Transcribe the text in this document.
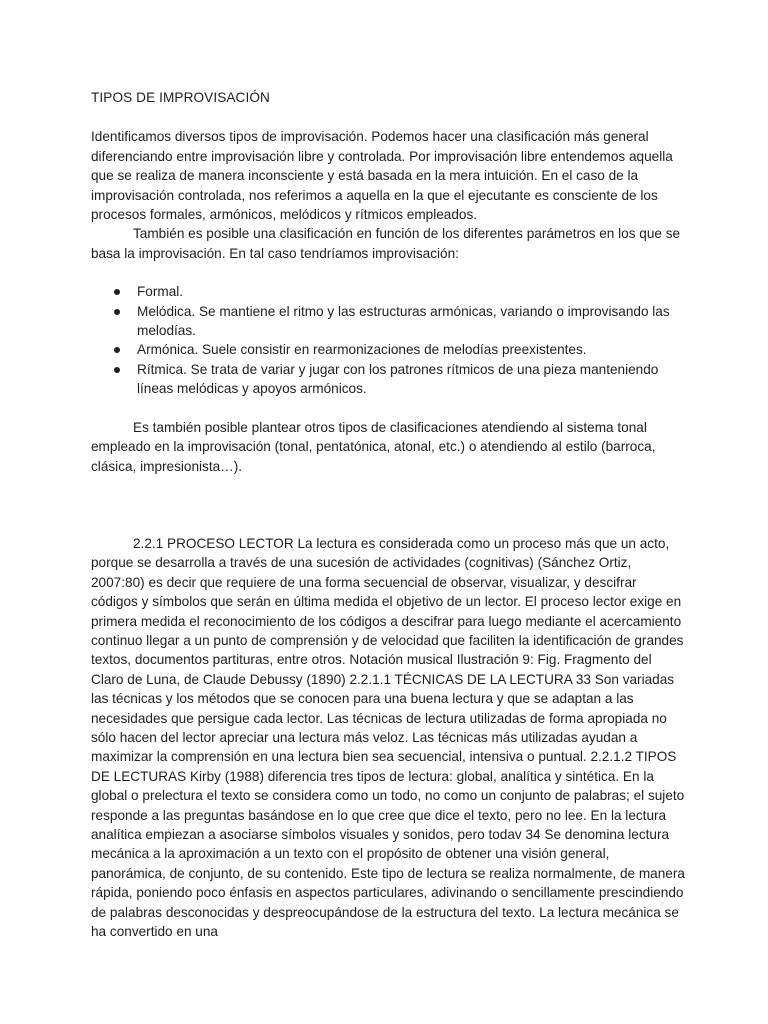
TIPOS DE IMPROVISACIÓN

Identificamos diversos tipos de improvisación. Podemos hacer una clasificación más general diferenciando entre improvisación libre y controlada. Por improvisación libre entendemos aquella que se realiza de manera inconsciente y está basada en la mera intuición. En el caso de la improvisación controlada, nos referimos a aquella en la que el ejecutante es consciente de los procesos formales, armónicos, melódicos y rítmicos empleados.

También es posible una clasificación en función de los diferentes parámetros en los que se basa la improvisación. En tal caso tendríamos improvisación:

Formal.
Melódica. Se mantiene el ritmo y las estructuras armónicas, variando o improvisando las melodías.
Armónica. Suele consistir en rearmonizaciones de melodías preexistentes.
Rítmica. Se trata de variar y jugar con los patrones rítmicos de una pieza manteniendo líneas melódicas y apoyos armónicos.

Es también posible plantear otros tipos de clasificaciones atendiendo al sistema tonal empleado en la improvisación (tonal, pentatónica, atonal, etc.) o atendiendo al estilo (barroca, clásica, impresionista…).

2.2.1 PROCESO LECTOR La lectura es considerada como un proceso más que un acto, porque se desarrolla a través de una sucesión de actividades (cognitivas) (Sánchez Ortiz, 2007:80) es decir que requiere de una forma secuencial de observar, visualizar, y descifrar códigos y símbolos que serán en última medida el objetivo de un lector. El proceso lector exige en primera medida el reconocimiento de los códigos a descifrar para luego mediante el acercamiento continuo llegar a un punto de comprensión y de velocidad que faciliten la identificación de grandes textos, documentos partituras, entre otros. Notación musical Ilustración 9: Fig. Fragmento del Claro de Luna, de Claude Debussy (1890) 2.2.1.1 TÉCNICAS DE LA LECTURA 33 Son variadas las técnicas y los métodos que se conocen para una buena lectura y que se adaptan a las necesidades que persigue cada lector. Las técnicas de lectura utilizadas de forma apropiada no sólo hacen del lector apreciar una lectura más veloz. Las técnicas más utilizadas ayudan a maximizar la comprensión en una lectura bien sea secuencial, intensiva o puntual. 2.2.1.2 TIPOS DE LECTURAS Kirby (1988) diferencia tres tipos de lectura: global, analítica y sintética. En la global o prelectura el texto se considera como un todo, no como un conjunto de palabras; el sujeto responde a las preguntas basándose en lo que cree que dice el texto, pero no lee. En la lectura analítica empiezan a asociarse símbolos visuales y sonidos, pero todav 34 Se denomina lectura mecánica a la aproximación a un texto con el propósito de obtener una visión general, panorámica, de conjunto, de su contenido. Este tipo de lectura se realiza normalmente, de manera rápida, poniendo poco énfasis en aspectos particulares, adivinando o sencillamente prescindiendo de palabras desconocidas y despreocupándose de la estructura del texto. La lectura mecánica se ha convertido en una
